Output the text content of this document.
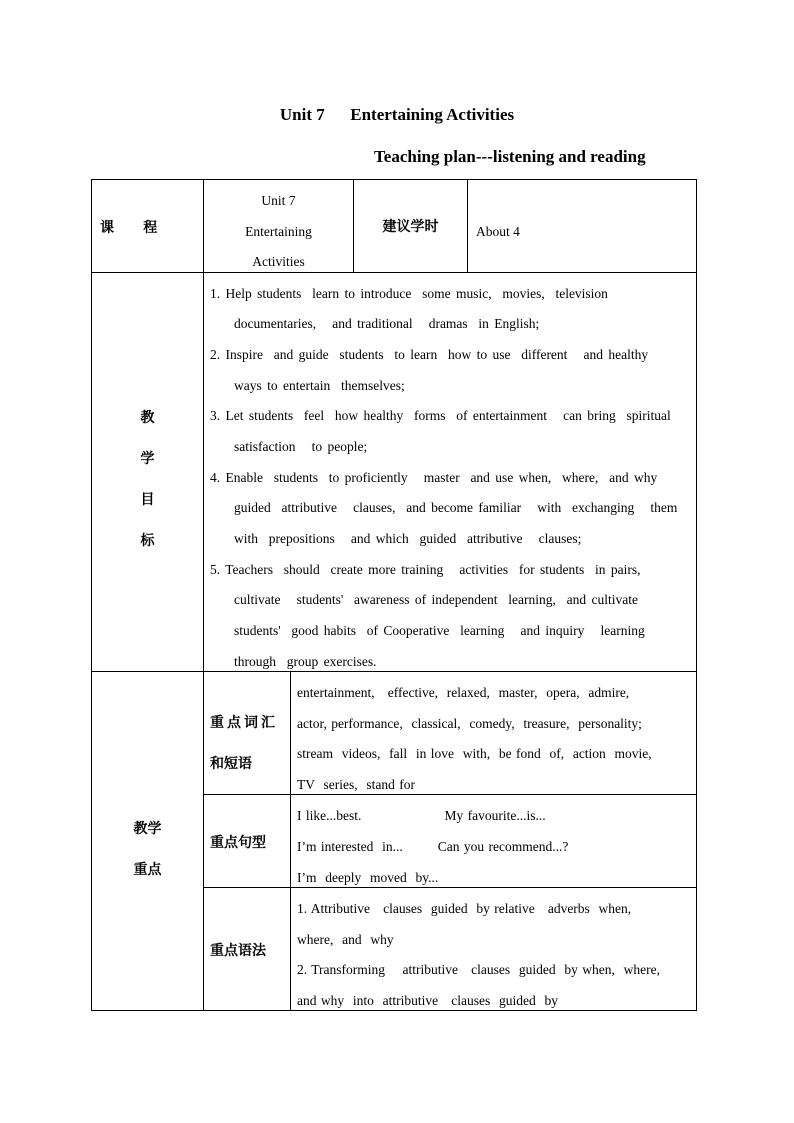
Unit 7      Entertaining Activities
Teaching plan---listening and reading
课      程
Unit 7
Entertaining
Activities
建议学时	About 4
教
学
目
标
1. Help students  learn to introduce  some music,  movies,  television
documentaries,   and traditional   dramas  in English;
2. Inspire  and guide  students  to learn  how to use  different   and healthy
ways to entertain  themselves;
3. Let students  feel  how healthy  forms  of entertainment   can bring  spiritual
satisfaction   to people;
4. Enable  students  to proficiently   master  and use when,  where,  and why
guided  attributive   clauses,  and become familiar   with  exchanging   them
with  prepositions   and which  guided  attributive   clauses;
5. Teachers  should  create more training   activities  for students  in pairs,
cultivate   students'  awareness of independent  learning,  and cultivate
students'  good habits  of Cooperative  learning   and inquiry   learning
through  group exercises.
教学
重点
重点词汇
和短语
entertainment,   effective,  relaxed,  master,  opera,  admire,
actor, performance,  classical,  comedy,  treasure,  personality;
stream  videos,  fall  in love  with,  be fond  of,  action  movie,
TV  series,  stand for
重点句型
I like...best.                   My favourite...is...
I’m interested  in...        Can you recommend...?
I’m  deeply  moved  by...
重点语法
1. Attributive   clauses  guided  by relative   adverbs  when,
where,  and  why
2. Transforming    attributive   clauses  guided  by when,  where,
and why  into  attributive   clauses  guided  by
